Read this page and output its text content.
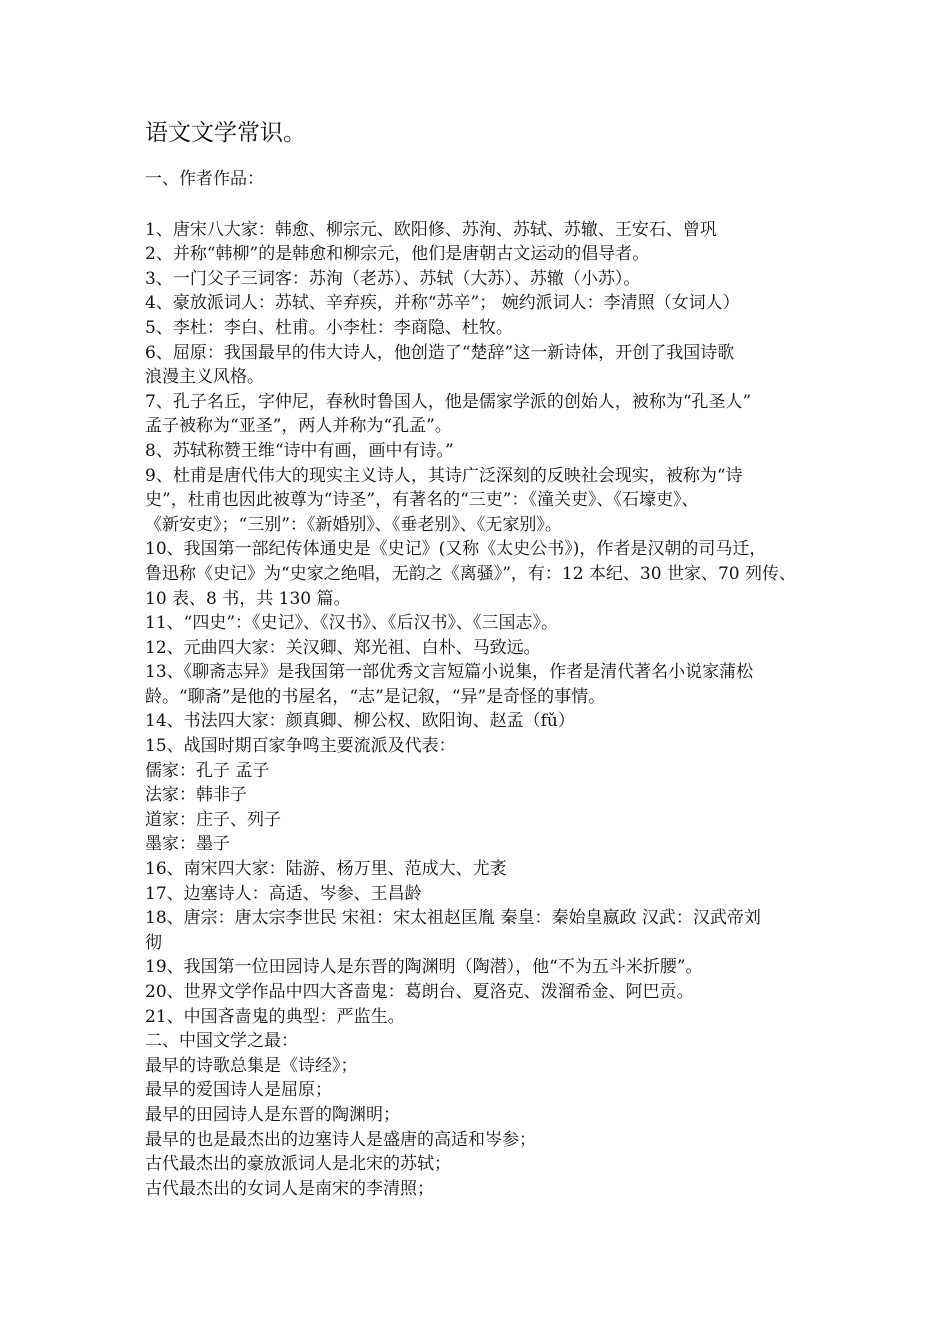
语文文学常识。

一、作者作品：

1、唐宋八大家：韩愈、柳宗元、欧阳修、苏洵、苏轼、苏辙、王安石、曾巩

2、并称“韩柳”的是韩愈和柳宗元，他们是唐朝古文运动的倡导者。

3、一门父子三词客：苏洵（老苏）、苏轼（大苏）、苏辙（小苏）。

4、豪放派词人：苏轼、辛弃疾，并称“苏辛”； 婉约派词人：李清照（女词人）

5、李杜：李白、杜甫。小李杜：李商隐、杜牧。

6、屈原：我国最早的伟大诗人，他创造了“楚辞”这一新诗体，开创了我国诗歌

浪漫主义风格。

7、孔子名丘，字仲尼，春秋时鲁国人，他是儒家学派的创始人，被称为“孔圣人”

孟子被称为“亚圣”，两人并称为“孔孟”。

8、苏轼称赞王维“诗中有画，画中有诗。”

9、杜甫是唐代伟大的现实主义诗人，其诗广泛深刻的反映社会现实，被称为“诗

史”，杜甫也因此被尊为“诗圣”，有著名的“三吏”：《潼关吏》、《石壕吏》、

《新安吏》；“三别”：《新婚别》、《垂老别》、《无家别》。

10、我国第一部纪传体通史是《史记》(又称《太史公书》)，作者是汉朝的司马迁，

鲁迅称《史记》为“史家之绝唱，无韵之《离骚》”，有：12 本纪、30 世家、70 列传、

10 表、8 书，共 130 篇。

11、“四史”：《史记》、《汉书》、《后汉书》、《三国志》。

12、元曲四大家：关汉卿、郑光祖、白朴、马致远。

13、《聊斋志异》是我国第一部优秀文言短篇小说集，作者是清代著名小说家蒲松

龄。“聊斋”是他的书屋名，“志”是记叙，“异”是奇怪的事情。

14、书法四大家：颜真卿、柳公权、欧阳询、赵孟（fǔ）

15、战国时期百家争鸣主要流派及代表：

儒家：孔子 孟子

法家：韩非子

道家：庄子、列子

墨家：墨子

16、南宋四大家：陆游、杨万里、范成大、尤袤

17、边塞诗人：高适、岑参、王昌龄

18、唐宗：唐太宗李世民 宋祖：宋太祖赵匡胤 秦皇：秦始皇嬴政 汉武：汉武帝刘

彻

19、我国第一位田园诗人是东晋的陶渊明（陶潜），他“不为五斗米折腰”。

20、世界文学作品中四大吝啬鬼：葛朗台、夏洛克、泼溜希金、阿巴贡。

21、中国吝啬鬼的典型：严监生。

二、中国文学之最：

最早的诗歌总集是《诗经》；

最早的爱国诗人是屈原；

最早的田园诗人是东晋的陶渊明；

最早的也是最杰出的边塞诗人是盛唐的高适和岑参；

古代最杰出的豪放派词人是北宋的苏轼；

古代最杰出的女词人是南宋的李清照；
